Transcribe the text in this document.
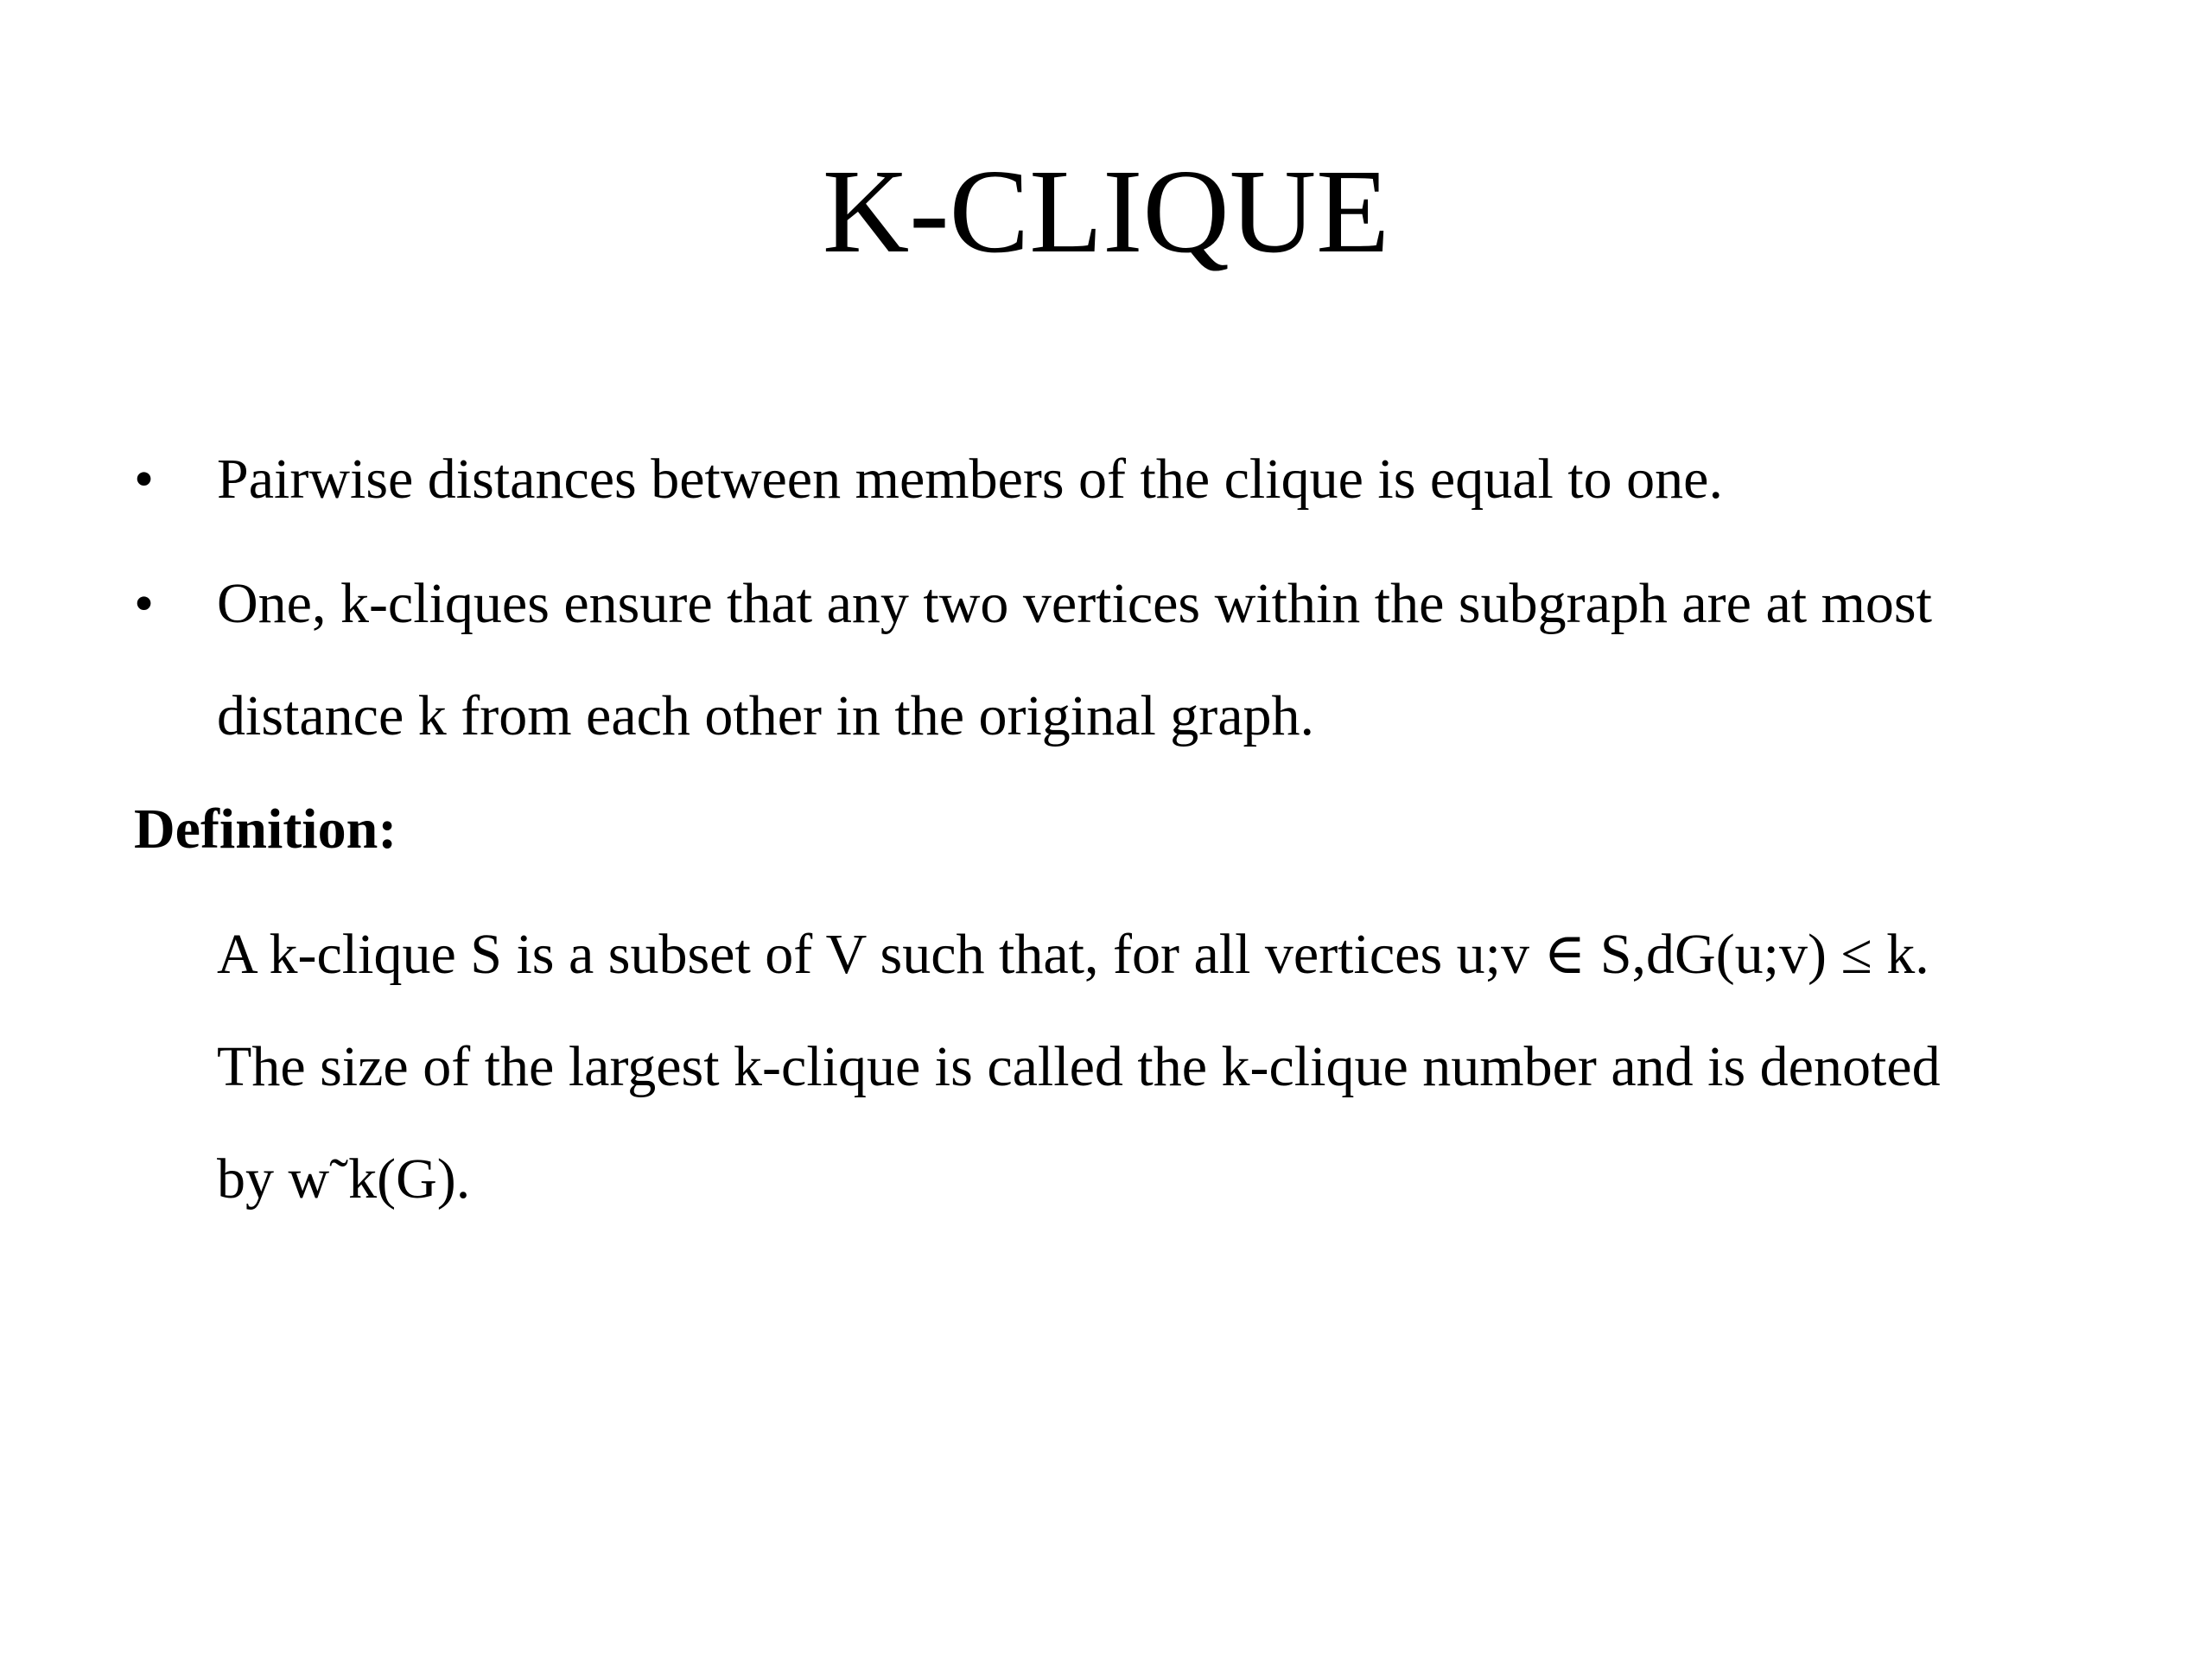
K-CLIQUE
• Pairwise distances between members of the clique is equal to one.
• One, k-cliques ensure that any two vertices within the subgraph are at most
distance k from each other in the original graph.

Definition:

A k-clique S is a subset of V such that, for all vertices u;v ∈ S,dG(u;v) ≤ k.
The size of the largest k-clique is called the k-clique number and is denoted
by w˜k(G).
